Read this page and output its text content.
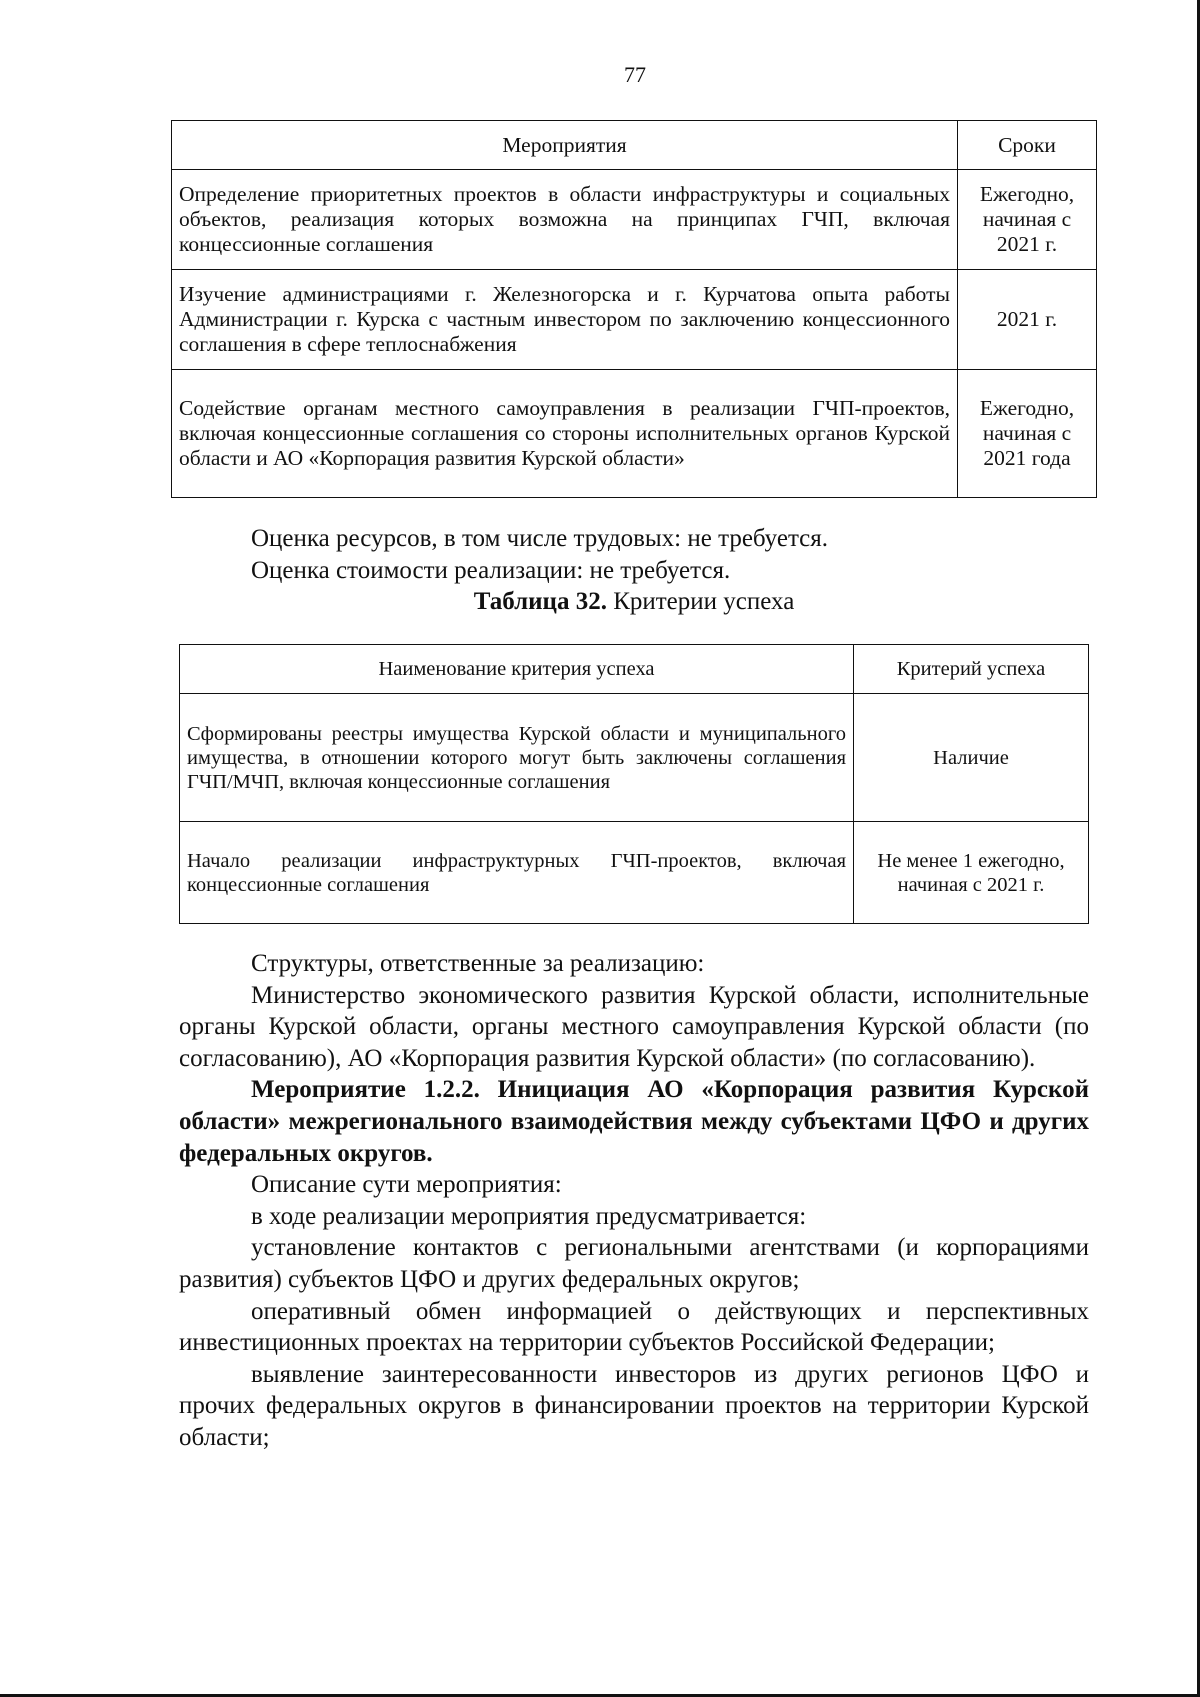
77
Мероприятия	Сроки
Определение приоритетных проектов в области инфраструктуры и социальных объектов, реализация которых возможна на принципах ГЧП, включая концессионные соглашения	Ежегодно, начиная с 2021 г.
Изучение администрациями г. Железногорска и г. Курчатова опыта работы Администрации г. Курска с частным инвестором по заключению концессионного соглашения в сфере теплоснабжения	2021 г.
Содействие органам местного самоуправления в реализации ГЧП-проектов, включая концессионные соглашения со стороны исполнительных органов Курской области и АО «Корпорация развития Курской области»	Ежегодно, начиная с 2021 года

Оценка ресурсов, в том числе трудовых: не требуется.

Оценка стоимости реализации: не требуется.

Таблица 32. Критерии успеха

Наименование критерия успеха	Критерий успеха
Сформированы реестры имущества Курской области и муниципального имущества, в отношении которого могут быть заключены соглашения ГЧП/МЧП, включая концессионные соглашения	Наличие
Начало реализации инфраструктурных ГЧП-проектов, включая концессионные соглашения	Не менее 1 ежегодно, начиная с 2021 г.

Структуры, ответственные за реализацию:

Министерство экономического развития Курской области, исполнительные органы Курской области, органы местного самоуправления Курской области (по согласованию), АО «Корпорация развития Курской области» (по согласованию).

Мероприятие 1.2.2. Инициация АО «Корпорация развития Курской области» межрегионального взаимодействия между субъектами ЦФО и других федеральных округов.

Описание сути мероприятия:

в ходе реализации мероприятия предусматривается:

установление контактов с региональными агентствами (и корпорациями развития) субъектов ЦФО и других федеральных округов;

оперативный обмен информацией о действующих и перспективных инвестиционных проектах на территории субъектов Российской Федерации;

выявление заинтересованности инвесторов из других регионов ЦФО и прочих федеральных округов в финансировании проектов на территории Курской области;
